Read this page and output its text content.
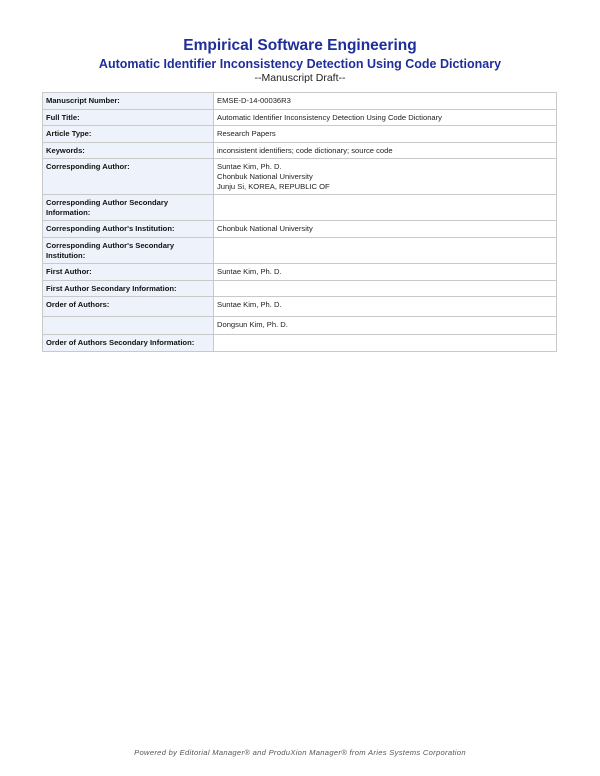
Empirical Software Engineering
Automatic Identifier Inconsistency Detection Using Code Dictionary
--Manuscript Draft--
Manuscript Number:	EMSE-D-14-00036R3
Full Title:	Automatic Identifier Inconsistency Detection Using Code Dictionary
Article Type:	Research Papers
Keywords:	inconsistent identifiers; code dictionary; source code
Corresponding Author:	Suntae Kim, Ph. D.
Chonbuk National University
Junju Si, KOREA, REPUBLIC OF

Corresponding Author Secondary Information:	
Corresponding Author's Institution:	Chonbuk National University
Corresponding Author's Secondary Institution:	
First Author:	Suntae Kim, Ph. D.
First Author Secondary Information:	
Order of Authors:	Suntae Kim, Ph. D.
	Dongsun Kim, Ph. D.
Order of Authors Secondary Information:	
Powered by Editorial Manager® and ProduXion Manager® from Aries Systems Corporation
